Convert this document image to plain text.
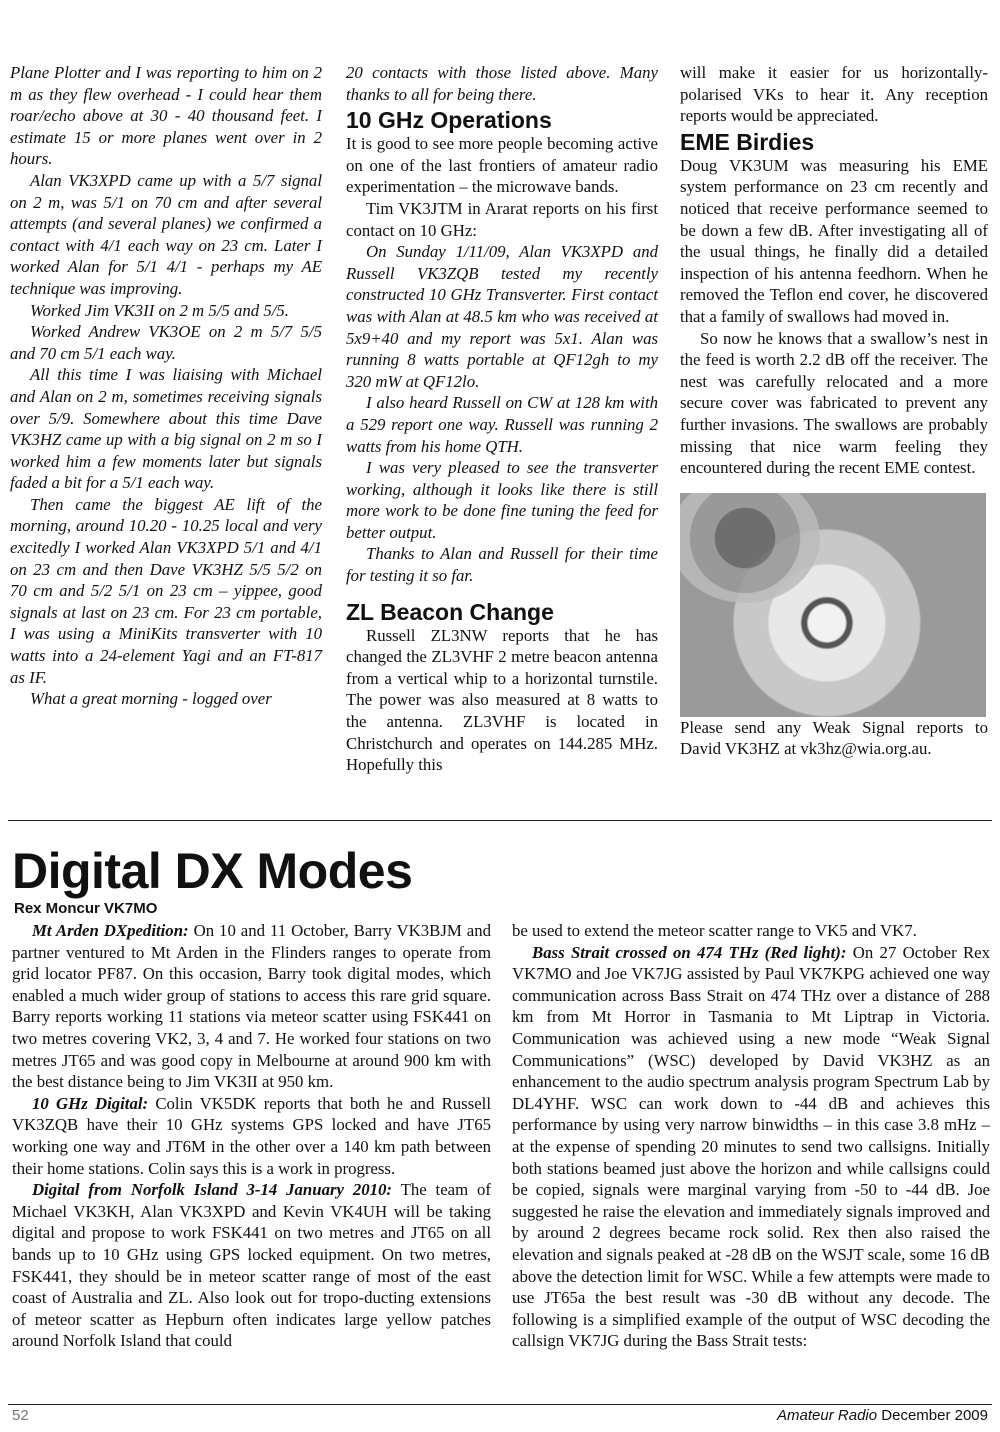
Plane Plotter and I was reporting to him on 2 m as they flew overhead - I could hear them roar/echo above at 30 - 40 thousand feet. I estimate 15 or more planes went over in 2 hours.

Alan VK3XPD came up with a 5/7 signal on 2 m, was 5/1 on 70 cm and after several attempts (and several planes) we confirmed a contact with 4/1 each way on 23 cm. Later I worked Alan for 5/1 4/1 - perhaps my AE technique was improving.

Worked Jim VK3II on 2 m 5/5 and 5/5.

Worked Andrew VK3OE on 2 m 5/7 5/5 and 70 cm 5/1 each way.

All this time I was liaising with Michael and Alan on 2 m, sometimes receiving signals over 5/9. Somewhere about this time Dave VK3HZ came up with a big signal on 2 m so I worked him a few moments later but signals faded a bit for a 5/1 each way.

Then came the biggest AE lift of the morning, around 10.20 - 10.25 local and very excitedly I worked Alan VK3XPD 5/1 and 4/1 on 23 cm and then Dave VK3HZ 5/5 5/2 on 70 cm and 5/2 5/1 on 23 cm – yippee, good signals at last on 23 cm. For 23 cm portable, I was using a MiniKits transverter with 10 watts into a 24-element Yagi and an FT-817 as IF.

What a great morning - logged over

20 contacts with those listed above. Many thanks to all for being there.

10 GHz Operations

It is good to see more people becoming active on one of the last frontiers of amateur radio experimentation – the microwave bands.

Tim VK3JTM in Ararat reports on his first contact on 10 GHz:

On Sunday 1/11/09, Alan VK3XPD and Russell VK3ZQB tested my recently constructed 10 GHz Transverter. First contact was with Alan at 48.5 km who was received at 5x9+40 and my report was 5x1. Alan was running 8 watts portable at QF12gh to my 320 mW at QF12lo.

I also heard Russell on CW at 128 km with a 529 report one way. Russell was running 2 watts from his home QTH.

I was very pleased to see the transverter working, although it looks like there is still more work to be done fine tuning the feed for better output.

Thanks to Alan and Russell for their time for testing it so far.

ZL Beacon Change

Russell ZL3NW reports that he has changed the ZL3VHF 2 metre beacon antenna from a vertical whip to a horizontal turnstile. The power was also measured at 8 watts to the antenna. ZL3VHF is located in Christchurch and operates on 144.285 MHz. Hopefully this

will make it easier for us horizontally-polarised VKs to hear it. Any reception reports would be appreciated.

EME Birdies

Doug VK3UM was measuring his EME system performance on 23 cm recently and noticed that receive performance seemed to be down a few dB. After investigating all of the usual things, he finally did a detailed inspection of his antenna feedhorn. When he removed the Teflon end cover, he discovered that a family of swallows had moved in.

So now he knows that a swallow’s nest in the feed is worth 2.2 dB off the receiver. The nest was carefully relocated and a more secure cover was fabricated to prevent any further invasions. The swallows are probably missing that nice warm feeling they encountered during the recent EME contest.

Please send any Weak Signal reports to David VK3HZ at vk3hz@wia.org.au.

Digital DX Modes

Rex Moncur VK7MO

Mt Arden DXpedition: On 10 and 11 October, Barry VK3BJM and partner ventured to Mt Arden in the Flinders ranges to operate from grid locator PF87. On this occasion, Barry took digital modes, which enabled a much wider group of stations to access this rare grid square. Barry reports working 11 stations via meteor scatter using FSK441 on two metres covering VK2, 3, 4 and 7. He worked four stations on two metres JT65 and was good copy in Melbourne at around 900 km with the best distance being to Jim VK3II at 950 km.

10 GHz Digital: Colin VK5DK reports that both he and Russell VK3ZQB have their 10 GHz systems GPS locked and have JT65 working one way and JT6M in the other over a 140 km path between their home stations. Colin says this is a work in progress.

Digital from Norfolk Island 3-14 January 2010: The team of Michael VK3KH, Alan VK3XPD and Kevin VK4UH will be taking digital and propose to work FSK441 on two metres and JT65 on all bands up to 10 GHz using GPS locked equipment. On two metres, FSK441, they should be in meteor scatter range of most of the east coast of Australia and ZL. Also look out for tropo-ducting extensions of meteor scatter as Hepburn often indicates large yellow patches around Norfolk Island that could

be used to extend the meteor scatter range to VK5 and VK7.

Bass Strait crossed on 474 THz (Red light): On 27 October Rex VK7MO and Joe VK7JG assisted by Paul VK7KPG achieved one way communication across Bass Strait on 474 THz over a distance of 288 km from Mt Horror in Tasmania to Mt Liptrap in Victoria. Communication was achieved using a new mode “Weak Signal Communications” (WSC) developed by David VK3HZ as an enhancement to the audio spectrum analysis program Spectrum Lab by DL4YHF. WSC can work down to -44 dB and achieves this performance by using very narrow binwidths – in this case 3.8 mHz – at the expense of spending 20 minutes to send two callsigns. Initially both stations beamed just above the horizon and while callsigns could be copied, signals were marginal varying from -50 to -44 dB. Joe suggested he raise the elevation and immediately signals improved and by around 2 degrees became rock solid. Rex then also raised the elevation and signals peaked at -28 dB on the WSJT scale, some 16 dB above the detection limit for WSC. While a few attempts were made to use JT65a the best result was -30 dB without any decode. The following is a simplified example of the output of WSC decoding the callsign VK7JG during the Bass Strait tests:

52	Amateur Radio December 2009
